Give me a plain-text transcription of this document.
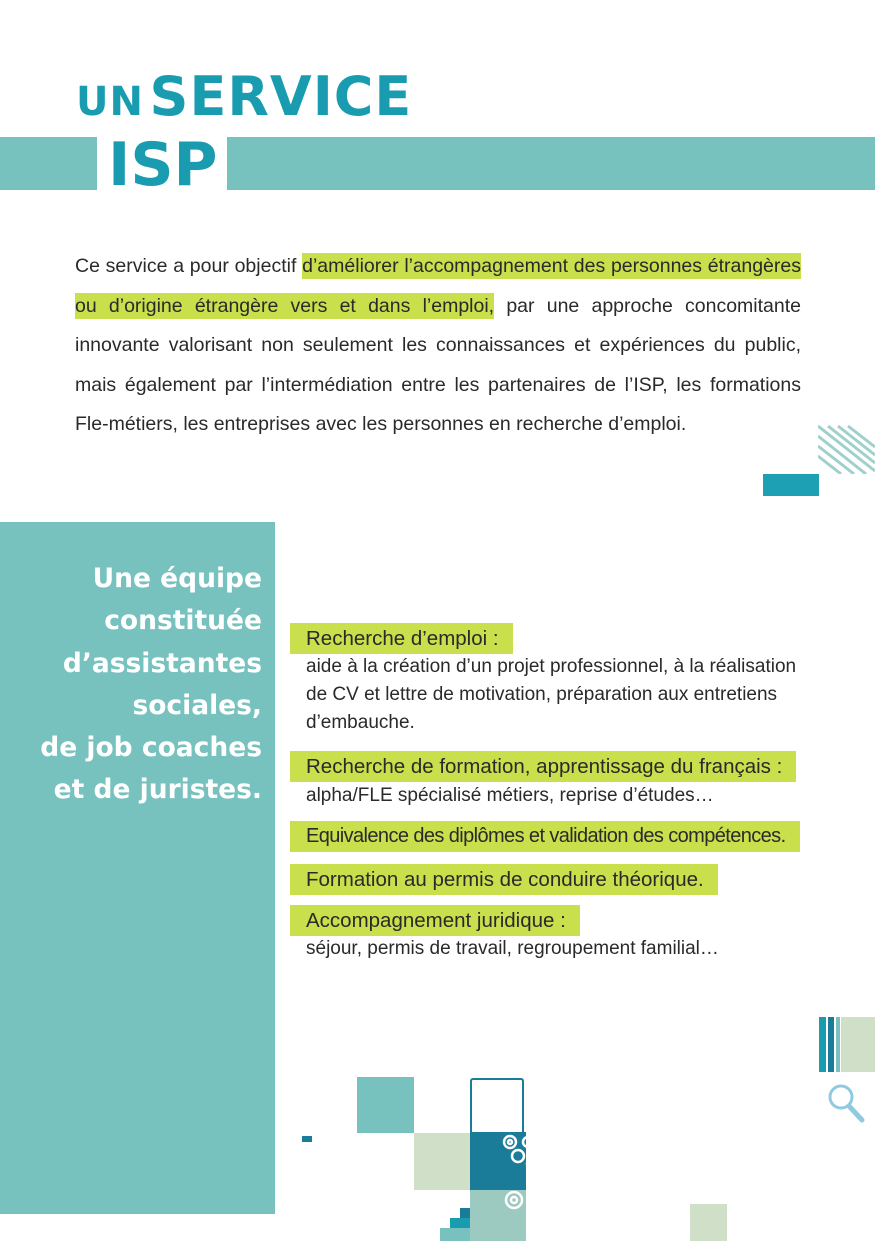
UN SERVICE
ISP

Ce service a pour objectif d’améliorer l’accompagnement des personnes étrangères ou d’origine étrangère vers et dans l’emploi, par une approche concomitante innovante valorisant non seulement les connaissances et expériences du public, mais également par l’intermédiation entre les partenaires de l’ISP, les formations Fle-métiers, les entreprises avec les personnes en recherche d’emploi.

Une équipe
constituée
d’assistantes
sociales,
de job coaches
et de juristes.
Recherche d’emploi :
aide à la création d’un projet professionnel, à la réalisation de CV et lettre de motivation, préparation aux entretiens d’embauche.
Recherche de formation, apprentissage du français :
alpha/FLE spécialisé métiers, reprise d’études…
Equivalence des diplômes et validation des compétences.
Formation au permis de conduire théorique.
Accompagnement juridique :
séjour, permis de travail, regroupement familial…
